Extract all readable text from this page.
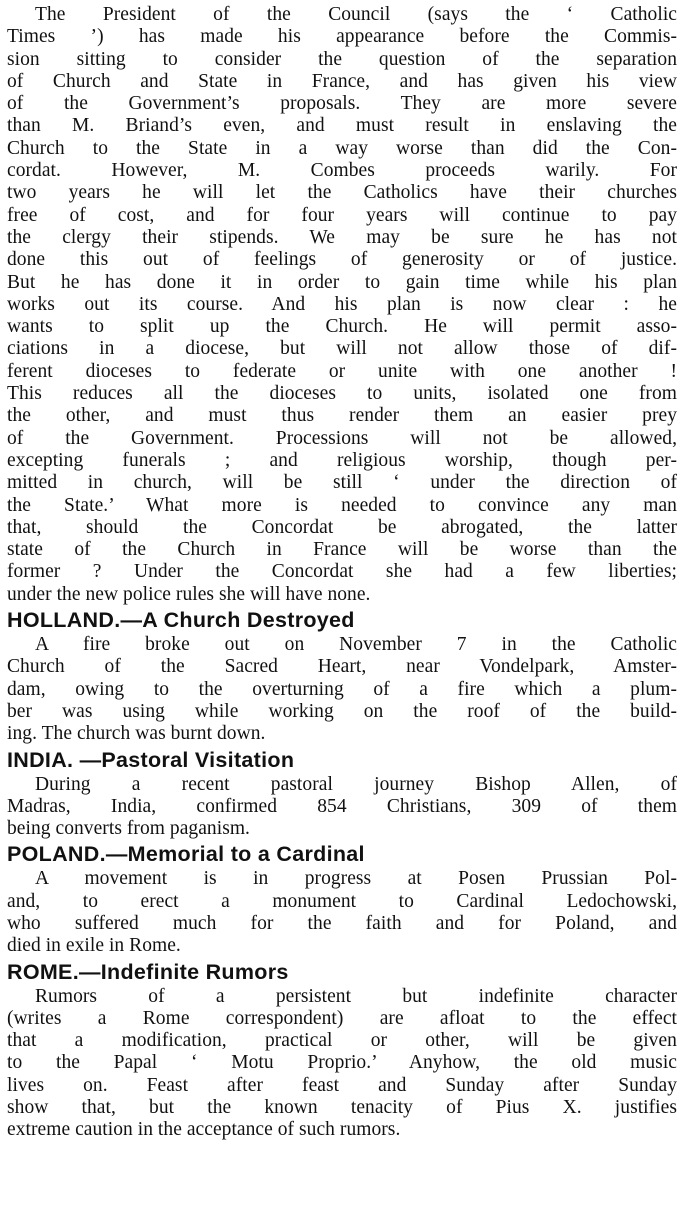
The President of the Council (says the ‘ Catholic
Times ’) has made his appearance before the Commis-
sion sitting to consider the question of the separation
of Church and State in France, and has given his view
of the Government’s proposals. They are more severe
than M. Briand’s even, and must result in enslaving the
Church to the State in a way worse than did the Con-
cordat. However, M. Combes proceeds warily. For
two years he will let the Catholics have their churches
free of cost, and for four years will continue to pay
the clergy their stipends. We may be sure he has not
done this out of feelings of generosity or of justice.
But he has done it in order to gain time while his plan
works out its course. And his plan is now clear : he
wants to split up the Church. He will permit asso-
ciations in a diocese, but will not allow those of dif-
ferent dioceses to federate or unite with one another !
This reduces all the dioceses to units, isolated one from
the other, and must thus render them an easier prey
of the Government. Processions will not be allowed,
excepting funerals ; and religious worship, though per-
mitted in church, will be still ‘ under the direction of
the State.’ What more is needed to convince any man
that, should the Concordat be abrogated, the latter
state of the Church in France will be worse than the
former ? Under the Concordat she had a few liberties;
under the new police rules she will have none.

HOLLAND.—A Church Destroyed

A fire broke out on November 7 in the Catholic
Church of the Sacred Heart, near Vondelpark, Amster-
dam, owing to the overturning of a fire which a plum-
ber was using while working on the roof of the build-
ing. The church was burnt down.

INDIA. —Pastoral Visitation

During a recent pastoral journey Bishop Allen, of
Madras, India, confirmed 854 Christians, 309 of them
being converts from paganism.

POLAND.—Memorial to a Cardinal

A movement is in progress at Posen Prussian Pol-
and, to erect a monument to Cardinal Ledochowski,
who suffered much for the faith and for Poland, and
died in exile in Rome.

ROME.—Indefinite Rumors

Rumors of a persistent but indefinite character
(writes a Rome correspondent) are afloat to the effect
that a modification, practical or other, will be given
to the Papal ‘ Motu Proprio.’ Anyhow, the old music
lives on. Feast after feast and Sunday after Sunday
show that, but the known tenacity of Pius X. justifies
extreme caution in the acceptance of such rumors.
